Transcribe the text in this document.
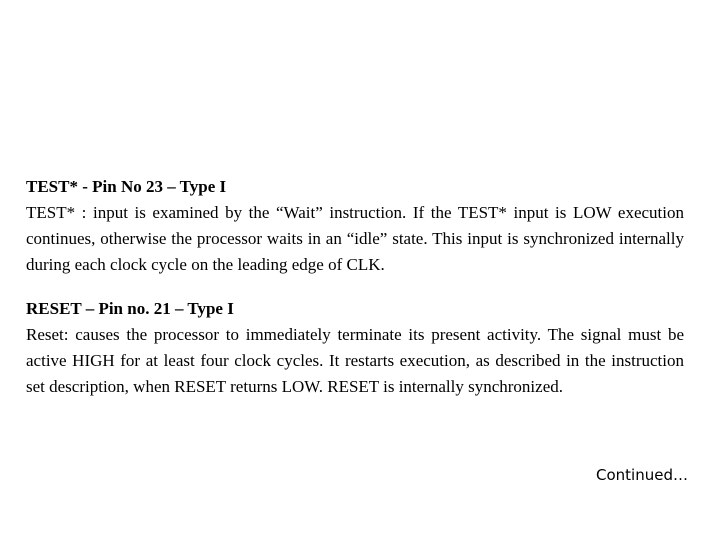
TEST* - Pin No 23 – Type I
TEST* : input is examined by the “Wait” instruction. If the TEST* input is LOW execution continues, otherwise the processor waits in an “idle” state. This input is synchronized internally during each clock cycle on the leading edge of CLK.
RESET – Pin no. 21 – Type I
Reset: causes the processor to immediately terminate its present activity. The signal must be active HIGH for at least four clock cycles. It restarts execution, as described in the instruction set description, when RESET returns LOW. RESET is internally synchronized.
Continued…
